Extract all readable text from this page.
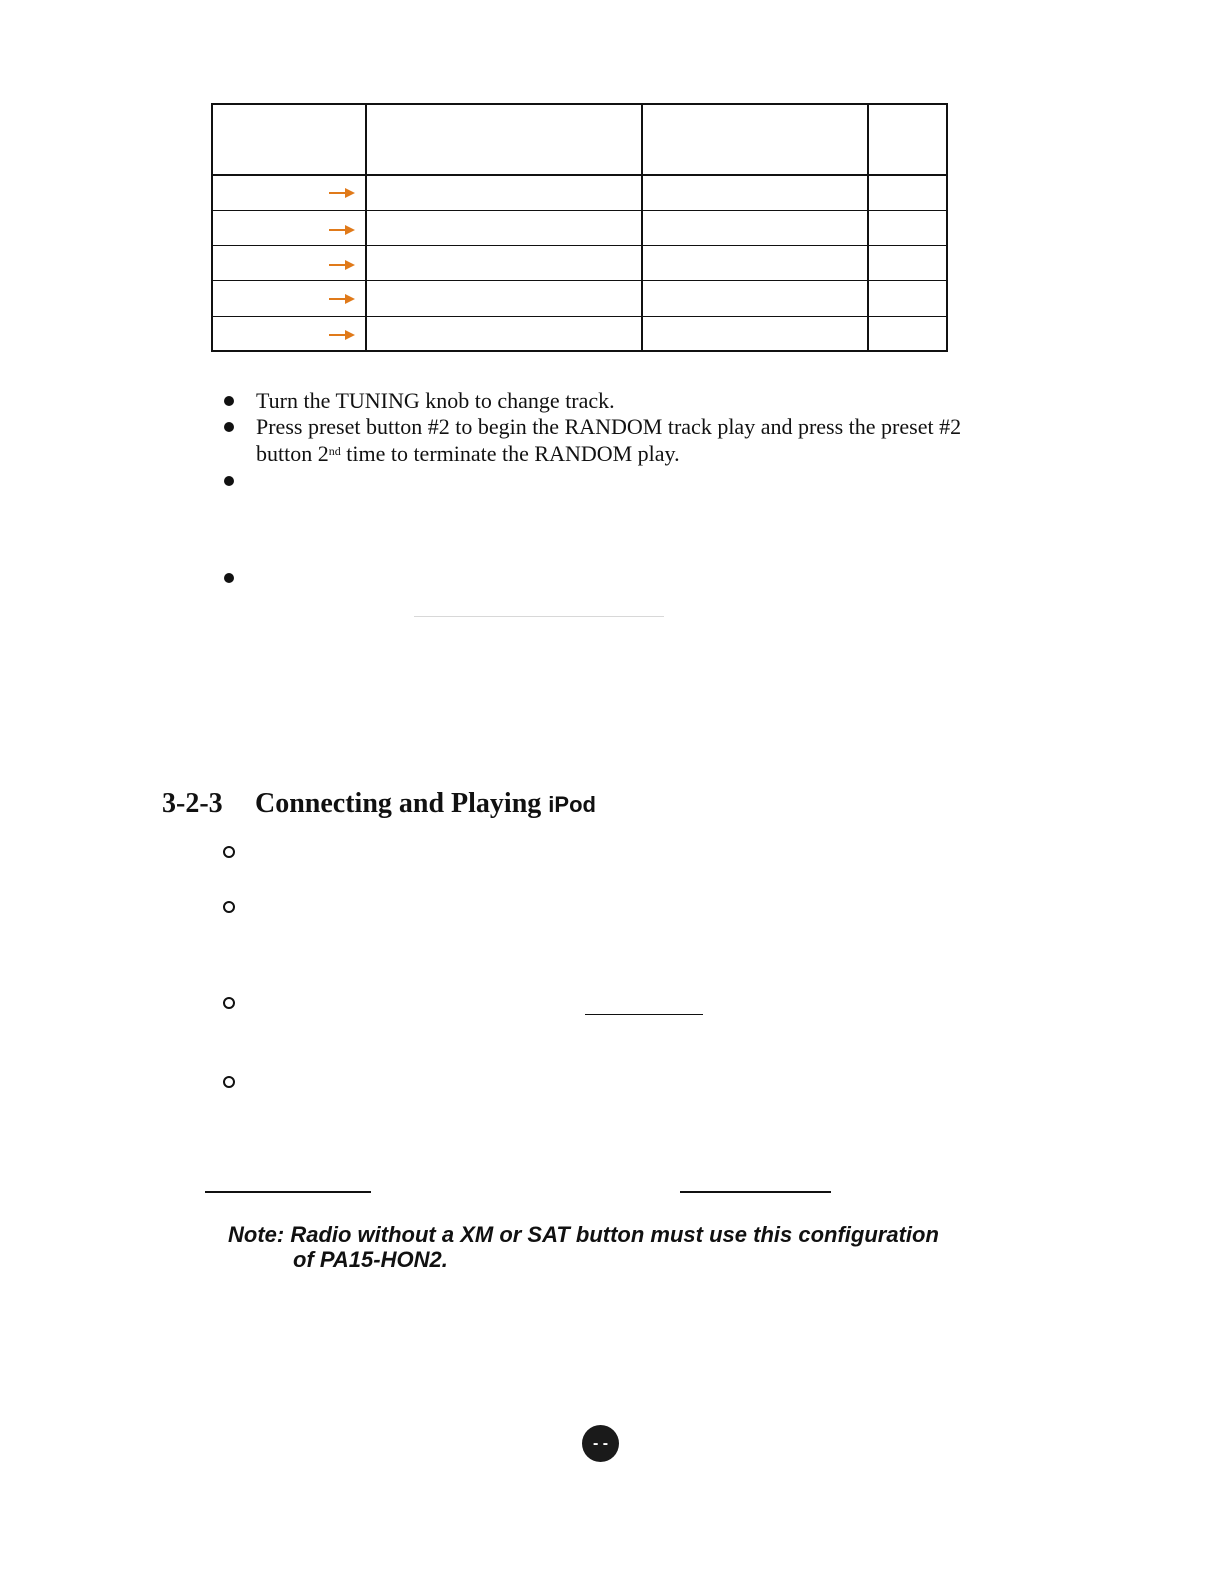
Turn the TUNING knob to change track.
Press preset button #2 to begin the RANDOM track play and press the preset #2
button 2nd time to terminate the RANDOM play.
3-2-3 Connecting and Playing iPod
Note: Radio without a XM or SAT button must use this configuration
of PA15-HON2.
- -
